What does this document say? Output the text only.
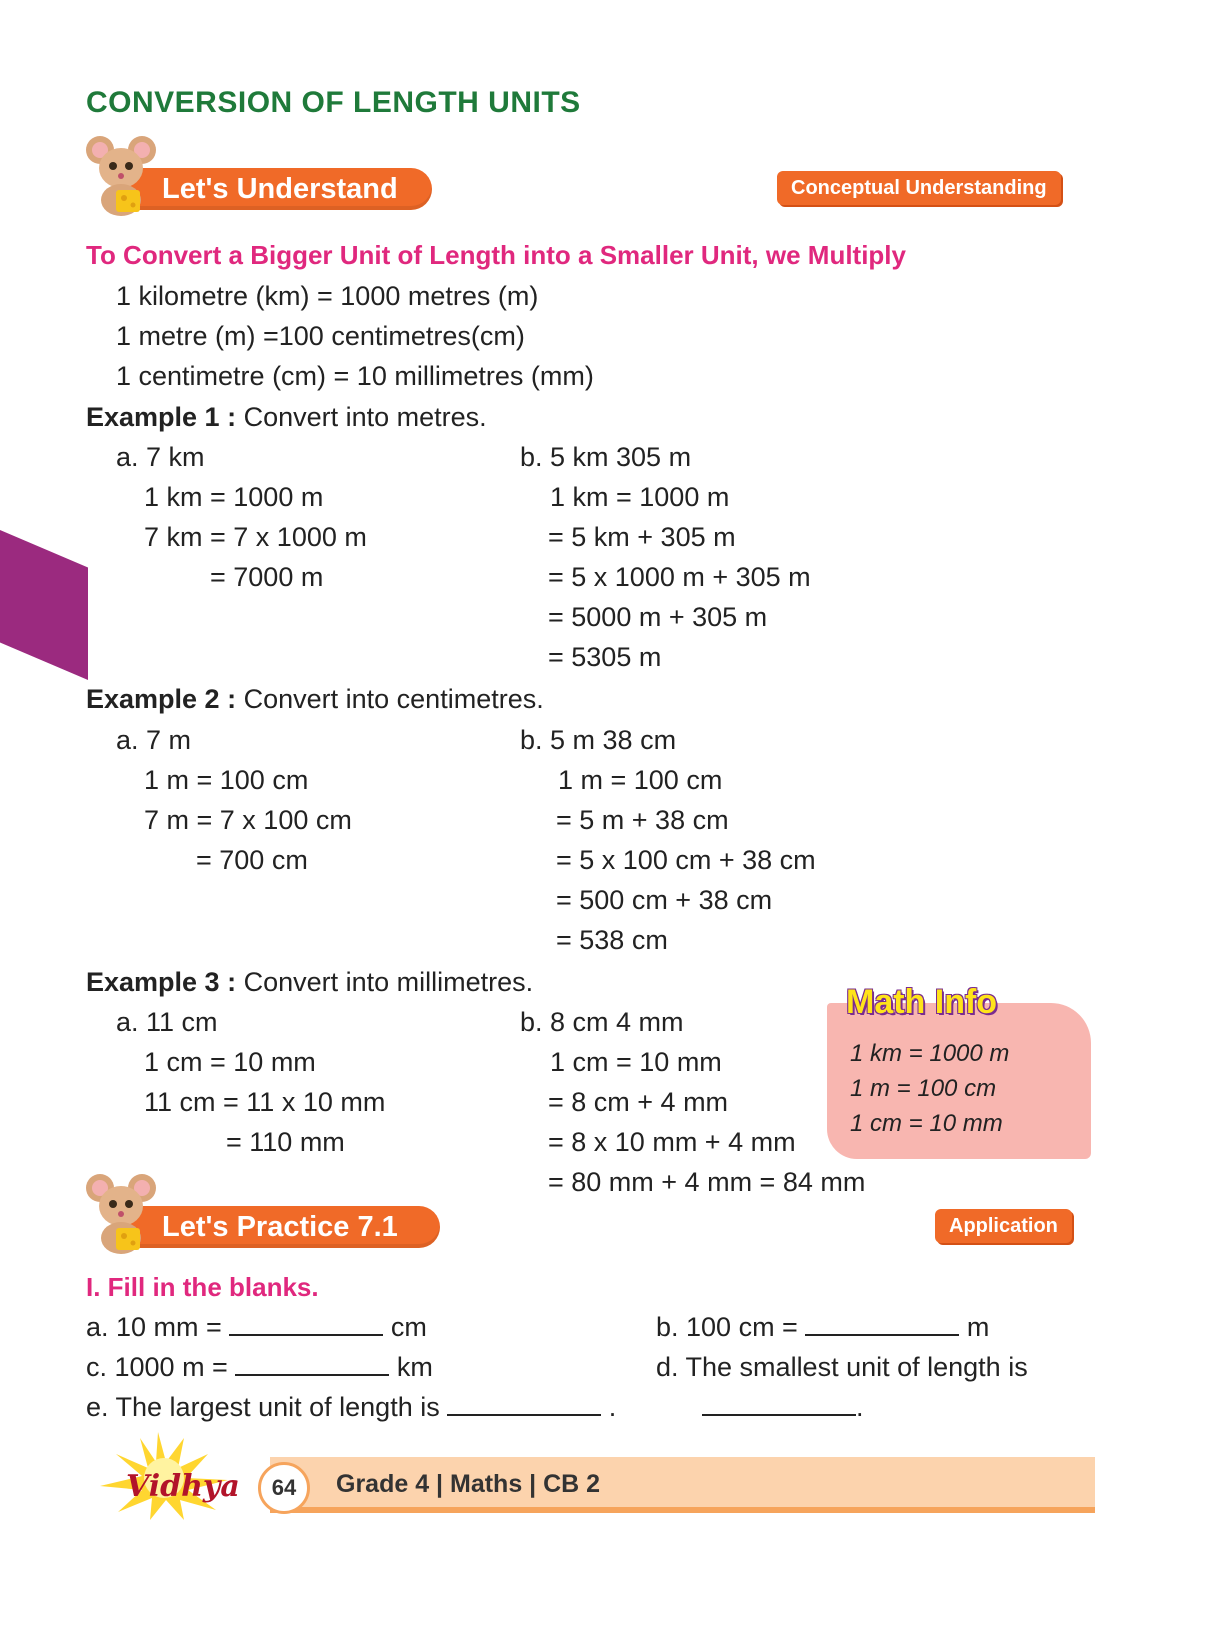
CONVERSION OF LENGTH UNITS
Let's Understand	Conceptual Understanding
To Convert a Bigger Unit of Length into a Smaller Unit, we Multiply
1 kilometre (km) = 1000 metres (m)
1 metre (m) =100 centimetres(cm)
1 centimetre (cm) = 10 millimetres (mm)
Example 1 : Convert into metres.
a. 7 km
1 km = 1000 m
7 km = 7 x 1000 m
= 7000 m
b. 5 km 305 m
1 km = 1000 m
= 5 km + 305 m
= 5 x 1000 m + 305 m
= 5000 m + 305 m
= 5305 m
Example 2 : Convert into centimetres.
a. 7 m
1 m = 100 cm
7 m = 7 x 100 cm
= 700 cm
b. 5 m 38 cm
1 m = 100 cm
= 5 m + 38 cm
= 5 x 100 cm + 38 cm
= 500 cm + 38 cm
= 538 cm
Example 3 : Convert into millimetres.
a. 11 cm
1 cm = 10 mm
11 cm = 11 x 10 mm
= 110 mm
b. 8 cm 4 mm
1 cm = 10 mm
= 8 cm + 4 mm
= 8 x 10 mm + 4 mm
= 80 mm + 4 mm = 84 mm
Math Info
1 km = 1000 m
1 m = 100 cm
1 cm = 10 mm
Let's Practice 7.1	Application
I. Fill in the blanks.
a. 10 mm =	cm	b. 100 cm =	m
c. 1000 m =	km	d. The smallest unit of length is
e. The largest unit of length is	.	.
64	Grade 4 | Maths | CB 2
Vidhya
